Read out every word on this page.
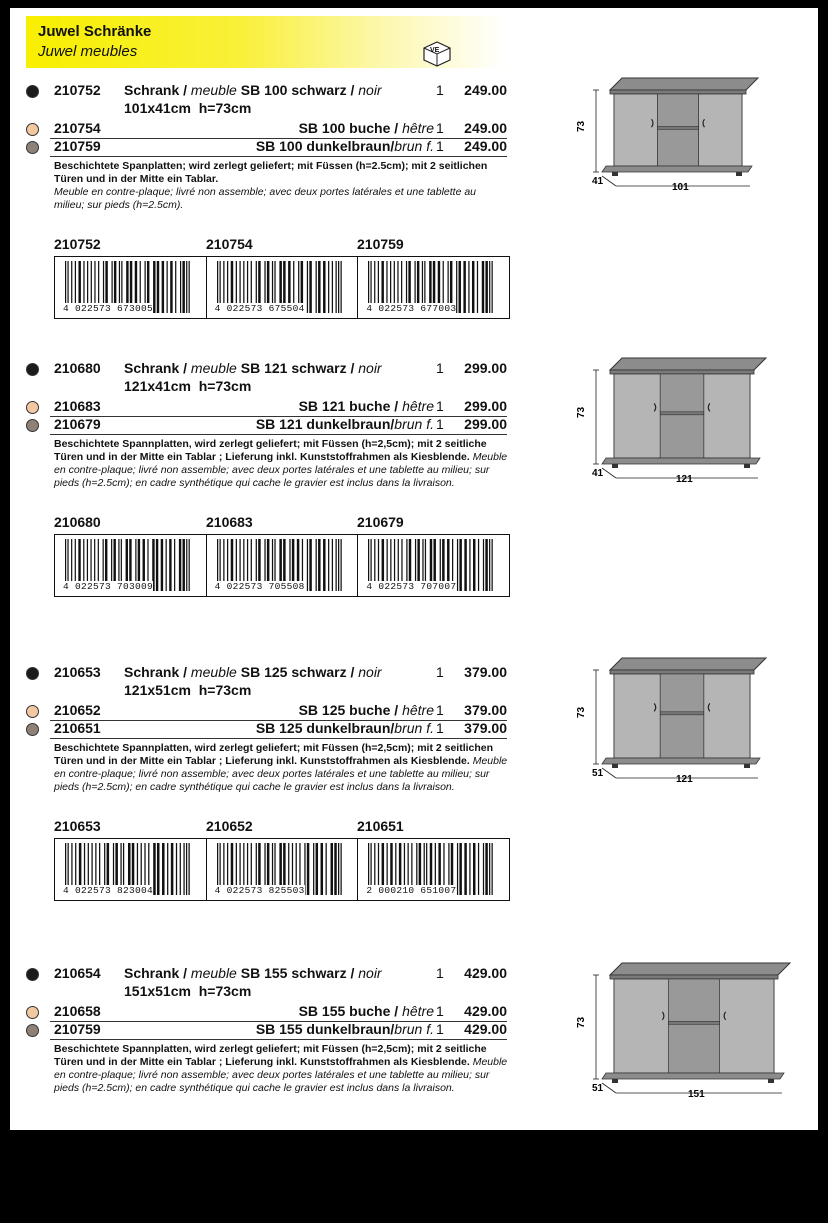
Juwel Schränke
Juwel meubles	VE
210752 Schrank / meuble SB 100 schwarz / noir	1 249.00
210754	SB 100 buche / hêtre 1 249.00
210759	SB 100 dunkelbraun/brun f. 1 249.00
101x41cm  h=73cm
Beschichtete Spanplatten; wird zerlegt geliefert; mit Füssen (h=2.5cm); mit 2 seitlichen Türen und in der Mitte ein Tablar.
Meuble en contre-plaque; livré non assemble; avec deux portes latérales et une tablette au milieu; sur pieds (h=2.5cm).
210752	210754	210759
4 022573 673005	4 022573 675504	4 022573 677003
73
41
101
210680 Schrank / meuble SB 121 schwarz / noir	1 299.00
210683	SB 121 buche / hêtre 1 299.00
210679	SB 121 dunkelbraun/brun f. 1 299.00
121x41cm  h=73cm
Beschichtete Spannplatten, wird zerlegt geliefert; mit Füssen (h=2,5cm); mit 2 seitliche Türen und in der Mitte ein Tablar ; Lieferung inkl. Kunststoffrahmen als Kiesblende. Meuble en contre-plaque; livré non assemble; avec deux portes latérales et une tablette au milieu; sur pieds (h=2.5cm); en cadre synthétique qui cache le gravier est inclus dans la livraison.
210680	210683	210679
4 022573 703009	4 022573 705508	4 022573 707007
73
41
121
210653 Schrank / meuble SB 125 schwarz / noir	1 379.00
210652	SB 125 buche / hêtre 1 379.00
210651	SB 125 dunkelbraun/brun f. 1 379.00
121x51cm  h=73cm
Beschichtete Spannplatten, wird zerlegt geliefert; mit Füssen (h=2,5cm); mit 2 seitlichen Türen und in der Mitte ein Tablar ; Lieferung inkl. Kunststoffrahmen als Kiesblende. Meuble en contre-plaque; livré non assemble; avec deux portes latérales et une tablette au milieu; sur pieds (h=2.5cm); en cadre synthétique qui cache le gravier est inclus dans la livraison.
210653	210652	210651
4 022573 823004	4 022573 825503	2 000210 651007
73
51
121
210654 Schrank / meuble SB 155 schwarz / noir	1 429.00
210658	SB 155 buche / hêtre 1 429.00
210759	SB 155 dunkelbraun/brun f. 1 429.00
151x51cm  h=73cm
Beschichtete Spannplatten, wird zerlegt geliefert; mit Füssen (h=2,5cm); mit 2 seitliche Türen und in der Mitte ein Tablar ; Lieferung inkl. Kunststoffrahmen als Kiesblende. Meuble en contre-plaque; livré non assemble; avec deux portes latérales et une tablette au milieu; sur pieds (h=2.5cm); en cadre synthétique qui cache le gravier est inclus dans la livraison.
73
51
151
